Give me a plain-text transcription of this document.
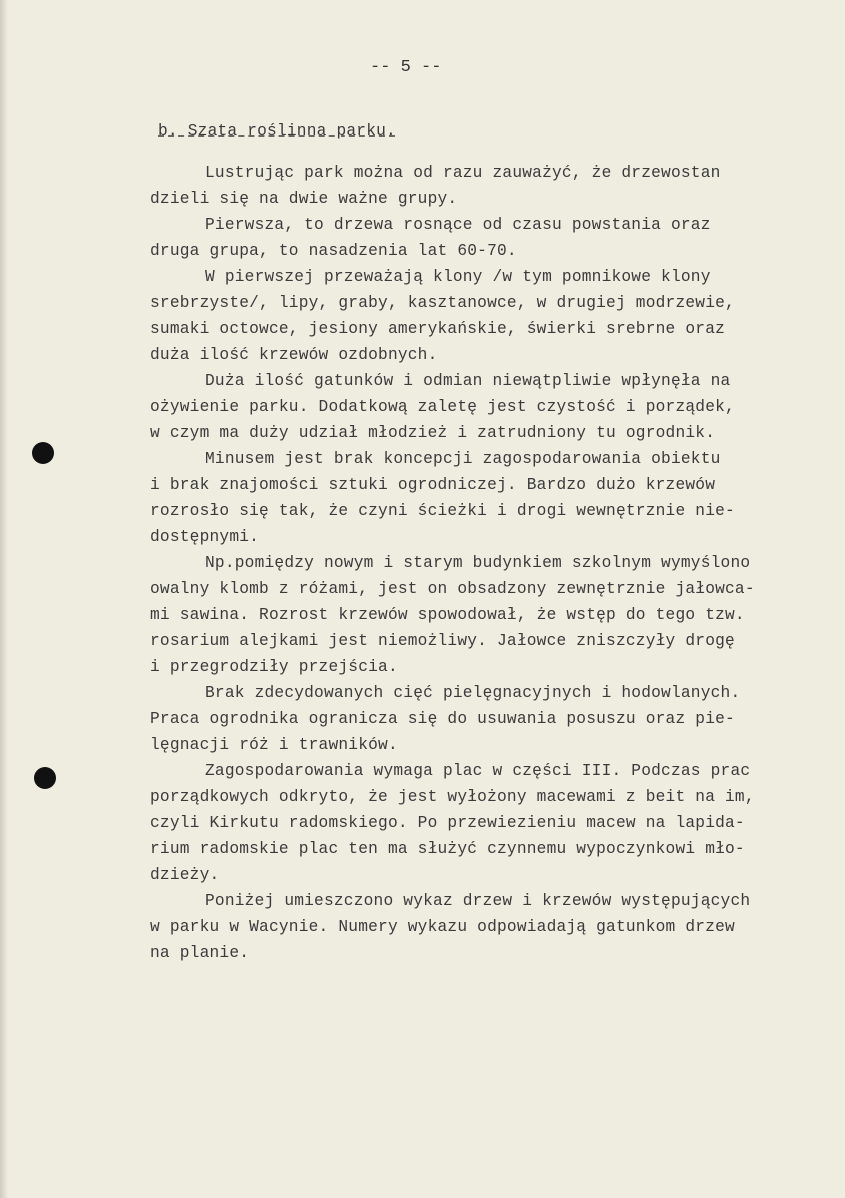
-- 5 --
b. Szata roślinna parku.
Lustrując park można od razu zauważyć, że drzewostan
dzieli się na dwie ważne grupy.
Pierwsza, to drzewa rosnące od czasu powstania oraz
druga grupa, to nasadzenia lat 60-70.
W pierwszej przeważają klony /w tym pomnikowe klony
srebrzyste/, lipy, graby, kasztanowce, w drugiej modrzewie,
sumaki octowce, jesiony amerykańskie, świerki srebrne oraz
duża ilość krzewów ozdobnych.
Duża ilość gatunków i odmian niewątpliwie wpłynęła na
ożywienie parku. Dodatkową zaletę jest czystość i porządek,
w czym ma duży udział młodzież i zatrudniony tu ogrodnik.
Minusem jest brak koncepcji zagospodarowania obiektu
i brak znajomości sztuki ogrodniczej. Bardzo dużo krzewów
rozrosło się tak, że czyni ścieżki i drogi wewnętrznie nie-
dostępnymi.
Np.pomiędzy nowym i starym budynkiem szkolnym wymyślono
owalny klomb z różami, jest on obsadzony zewnętrznie jałowca-
mi sawina. Rozrost krzewów spowodował, że wstęp do tego tzw.
rosarium alejkami jest niemożliwy. Jałowce zniszczyły drogę
i przegrodziły przejścia.
Brak zdecydowanych cięć pielęgnacyjnych i hodowlanych.
Praca ogrodnika ogranicza się do usuwania posuszu oraz pie-
lęgnacji róż i trawników.
Zagospodarowania wymaga plac w części III. Podczas prac
porządkowych odkryto, że jest wyłożony macewami z beit na im,
czyli Kirkutu radomskiego. Po przewiezieniu macew na lapida-
rium radomskie plac ten ma służyć czynnemu wypoczynkowi mło-
dzieży.
Poniżej umieszczono wykaz drzew i krzewów występujących
w parku w Wacynie. Numery wykazu odpowiadają gatunkom drzew
na planie.
